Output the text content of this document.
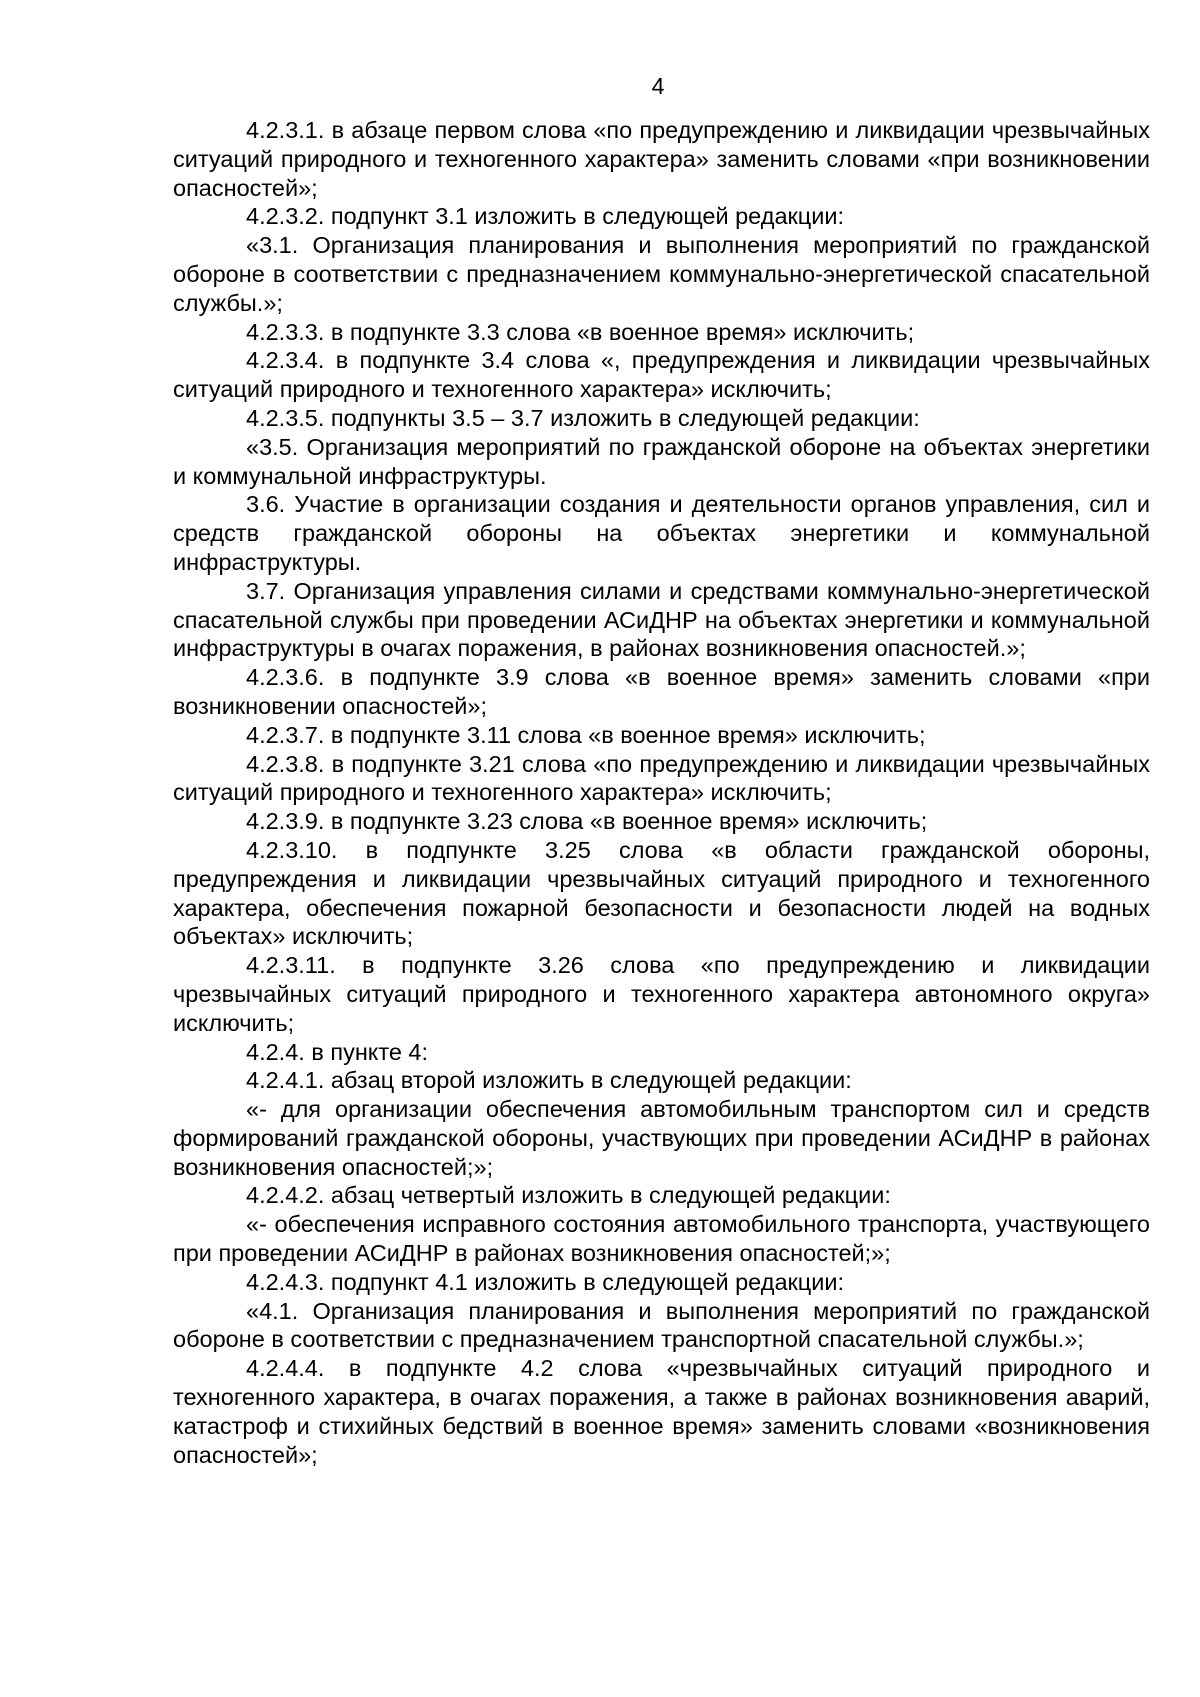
4

4.2.3.1. в абзаце первом слова «по предупреждению и ликвидации чрезвычайных ситуаций природного и техногенного характера» заменить словами «при возникновении опасностей»;

4.2.3.2. подпункт 3.1 изложить в следующей редакции:

«3.1. Организация планирования и выполнения мероприятий по гражданской обороне в соответствии с предназначением коммунально-энергетической спасательной службы.»;

4.2.3.3. в подпункте 3.3 слова «в военное время» исключить;

4.2.3.4. в подпункте 3.4 слова «, предупреждения и ликвидации чрезвычайных ситуаций природного и техногенного характера» исключить;

4.2.3.5. подпункты 3.5 – 3.7 изложить в следующей редакции:

«3.5. Организация мероприятий по гражданской обороне на объектах энергетики и коммунальной инфраструктуры.

3.6. Участие в организации создания и деятельности органов управления, сил и средств гражданской обороны на объектах энергетики и коммунальной инфраструктуры.

3.7. Организация управления силами и средствами коммунально-энергетической спасательной службы при проведении АСиДНР на объектах энергетики и коммунальной инфраструктуры в очагах поражения, в районах возникновения опасностей.»;

4.2.3.6. в подпункте 3.9 слова «в военное время» заменить словами «при возникновении опасностей»;

4.2.3.7. в подпункте 3.11 слова «в военное время» исключить;

4.2.3.8. в подпункте 3.21 слова «по предупреждению и ликвидации чрезвычайных ситуаций природного и техногенного характера» исключить;

4.2.3.9. в подпункте 3.23 слова «в военное время» исключить;

4.2.3.10. в подпункте 3.25 слова «в области гражданской обороны, предупреждения и ликвидации чрезвычайных ситуаций природного и техногенного характера, обеспечения пожарной безопасности и безопасности людей на водных объектах» исключить;

4.2.3.11. в подпункте 3.26 слова «по предупреждению и ликвидации чрезвычайных ситуаций природного и техногенного характера автономного округа» исключить;

4.2.4. в пункте 4:

4.2.4.1. абзац второй изложить в следующей редакции:

«- для организации обеспечения автомобильным транспортом сил и средств формирований гражданской обороны, участвующих при проведении АСиДНР в районах возникновения опасностей;»;

4.2.4.2. абзац четвертый изложить в следующей редакции:

«- обеспечения исправного состояния автомобильного транспорта, участвующего при проведении АСиДНР в районах возникновения опасностей;»;

4.2.4.3. подпункт 4.1 изложить в следующей редакции:

«4.1. Организация планирования и выполнения мероприятий по гражданской обороне в соответствии с предназначением транспортной спасательной службы.»;

4.2.4.4. в подпункте 4.2 слова «чрезвычайных ситуаций природного и техногенного характера, в очагах поражения, а также в районах возникновения аварий, катастроф и стихийных бедствий в военное время» заменить словами «возникновения опасностей»;
